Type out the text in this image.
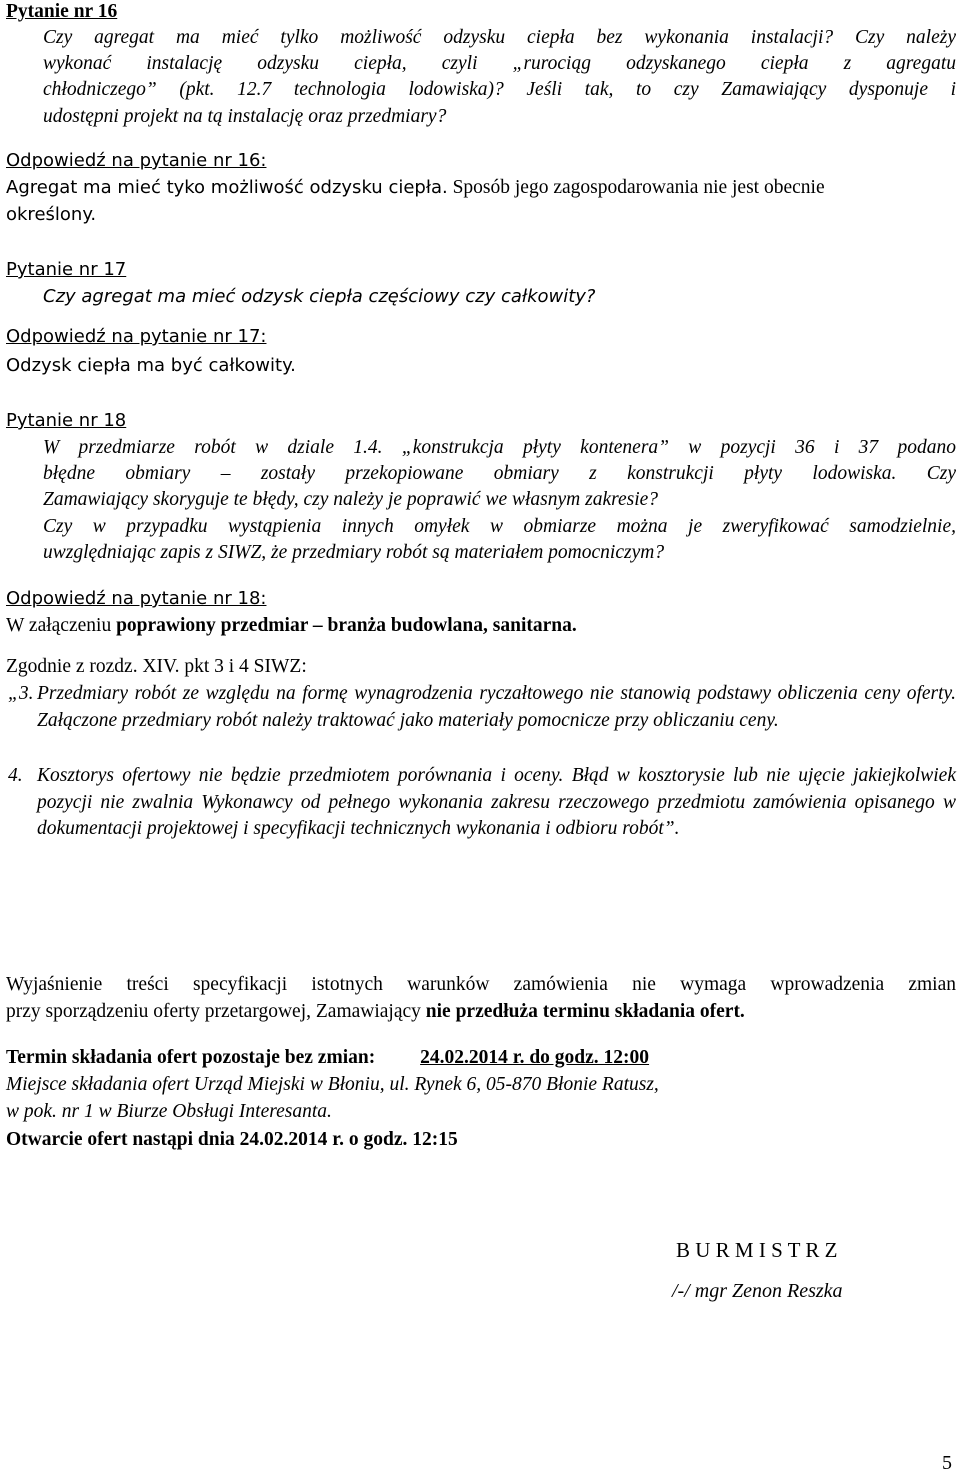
Pytanie nr 16
Czy agregat ma mieć tylko możliwość odzysku ciepła bez wykonania instalacji? Czy należy
wykonać instalację odzysku ciepła, czyli „rurociąg odzyskanego ciepła z agregatu
chłodniczego” (pkt. 12.7 technologia lodowiska)? Jeśli tak, to czy Zamawiający dysponuje i
udostępni projekt na tą instalację oraz przedmiary?
Odpowiedź na pytanie nr 16:
Agregat ma mieć tyko możliwość odzysku ciepła. Sposób jego zagospodarowania nie jest obecnie
określony.
Pytanie nr 17
Czy agregat ma mieć odzysk ciepła częściowy czy całkowity?
Odpowiedź na pytanie nr 17:
Odzysk ciepła ma być całkowity.
Pytanie nr 18
W przedmiarze robót w dziale 1.4. „konstrukcja płyty kontenera” w pozycji 36 i 37 podano
błędne obmiary – zostały przekopiowane obmiary z konstrukcji płyty lodowiska. Czy
Zamawiający skoryguje te błędy, czy należy je poprawić we własnym zakresie?
Czy w przypadku wystąpienia innych omyłek w obmiarze można je zweryfikować samodzielnie,
uwzględniając zapis z SIWZ, że przedmiary robót są materiałem pomocniczym?
Odpowiedź na pytanie nr 18:
W załączeniu poprawiony przedmiar – branża budowlana, sanitarna.
Zgodnie z rozdz. XIV. pkt 3 i 4 SIWZ:
„3. Przedmiary robót ze względu na formę wynagrodzenia ryczałtowego nie stanowią podstawy obliczenia ceny oferty. Załączone przedmiary robót należy traktować jako materiały pomocnicze przy obliczaniu ceny.
4. Kosztorys ofertowy nie będzie przedmiotem porównania i oceny. Błąd w kosztorysie lub nie ujęcie jakiejkolwiek pozycji nie zwalnia Wykonawcy od pełnego wykonania zakresu rzeczowego przedmiotu zamówienia opisanego w dokumentacji projektowej i specyfikacji technicznych wykonania i odbioru robót”.
Wyjaśnienie treści specyfikacji istotnych warunków zamówienia nie wymaga wprowadzenia zmian
przy sporządzeniu oferty przetargowej, Zamawiający nie przedłuża terminu składania ofert.
Termin składania ofert pozostaje bez zmian: 24.02.2014 r. do godz. 12:00
Miejsce składania ofert Urząd Miejski w Błoniu, ul. Rynek 6, 05-870 Błonie Ratusz,
w pok. nr 1 w Biurze Obsługi Interesanta.
Otwarcie ofert nastąpi dnia 24.02.2014 r. o godz. 12:15
B U R M I S T R Z
/-/ mgr Zenon Reszka
5
